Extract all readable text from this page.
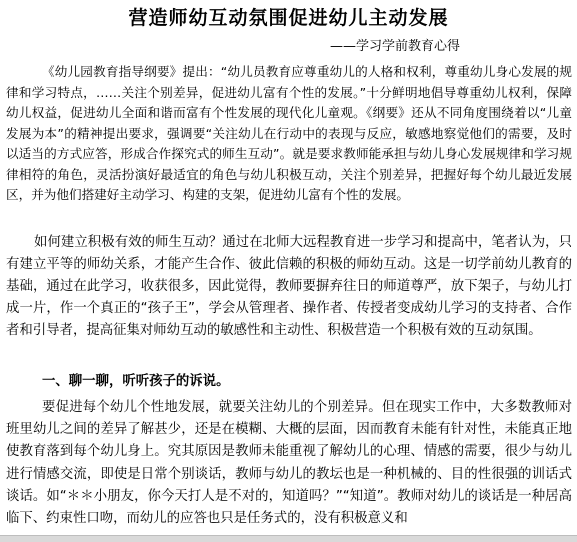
营造师幼互动氛围促进幼儿主动发展
——学习学前教育心得
《幼儿园教育指导纲要》提出：“幼儿员教育应尊重幼儿的人格和权利，尊重幼儿身心发展的规律和学习特点，……关注个别差异，促进幼儿富有个性的发展。”十分鲜明地倡导尊重幼儿权利，保障幼儿权益，促进幼儿全面和谐而富有个性发展的现代化儿童观。《纲要》还从不同角度围绕着以“儿童发展为本”的精神提出要求，强调要“关注幼儿在行动中的表现与反应，敏感地察觉他们的需要，及时以适当的方式应答，形成合作探究式的师生互动”。就是要求教师能承担与幼儿身心发展规律和学习规律相符的角色，灵活扮演好最适宜的角色与幼儿积极互动，关注个别差异，把握好每个幼儿最近发展区，并为他们搭建好主动学习、构建的支架，促进幼儿富有个性的发展。
如何建立积极有效的师生互动？通过在北师大远程教育进一步学习和提高中，笔者认为，只有建立平等的师幼关系，才能产生合作、彼此信赖的积极的师幼互动。这是一切学前幼儿教育的基础，通过在此学习，收获很多，因此觉得，教师要摒弃往日的师道尊严，放下架子，与幼儿打成一片，作一个真正的“孩子王”，学会从管理者、操作者、传授者变成幼儿学习的支持者、合作者和引导者，提高征集对师幼互动的敏感性和主动性、积极营造一个积极有效的互动氛围。
一、聊一聊，听听孩子的诉说。
要促进每个幼儿个性地发展，就要关注幼儿的个别差异。但在现实工作中，大多数教师对班里幼儿之间的差异了解甚少，还是在模糊、大概的层面，因而教育未能有针对性，未能真正地使教育落到每个幼儿身上。究其原因是教师未能重视了解幼儿的心理、情感的需要，很少与幼儿进行情感交流，即使是日常个别谈话，教师与幼儿的教坛也是一种机械的、目的性很强的训话式谈话。如“＊＊小朋友，你今天打人是不对的，知道吗？”“知道”。教师对幼儿的谈话是一种居高临下、约束性口吻，而幼儿的应答也只是任务式的，没有积极意义和
